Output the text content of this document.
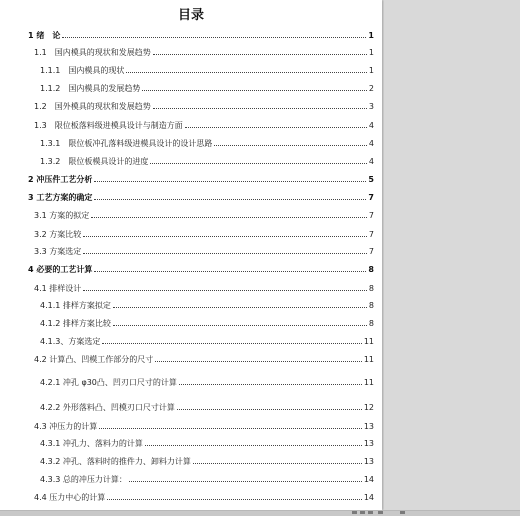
目录
1 绪　论	1
1.1　国内模具的现状和发展趋势	1
1.1.1　国内模具的现状	1
1.1.2　国内模具的发展趋势	2
1.2　国外模具的现状和发展趋势	3
1.3　限位板落料级进模具设计与制造方面	4
1.3.1　限位板冲孔落料级进模具设计的设计思路	4
1.3.2　限位板模具设计的进度	4
2 冲压件工艺分析	5
3 工艺方案的确定	7
3.1 方案的拟定	7
3.2 方案比较	7
3.3 方案选定	7
4 必要的工艺计算	8
4.1 排样设计	8
4.1.1 排样方案拟定	8
4.1.2 排样方案比较	8
4.1.3、方案选定	11
4.2 计算凸、凹模工作部分的尺寸	11
4.2.1 冲孔 φ30凸、凹刃口尺寸的计算	11
4.2.2 外形落料凸、凹模刃口尺寸计算	12
4.3 冲压力的计算	13
4.3.1 冲孔力、落料力的计算	13
4.3.2 冲孔、落料时的推件力、卸料力计算	13
4.3.3 总的冲压力计算：	14
4.4 压力中心的计算	14
